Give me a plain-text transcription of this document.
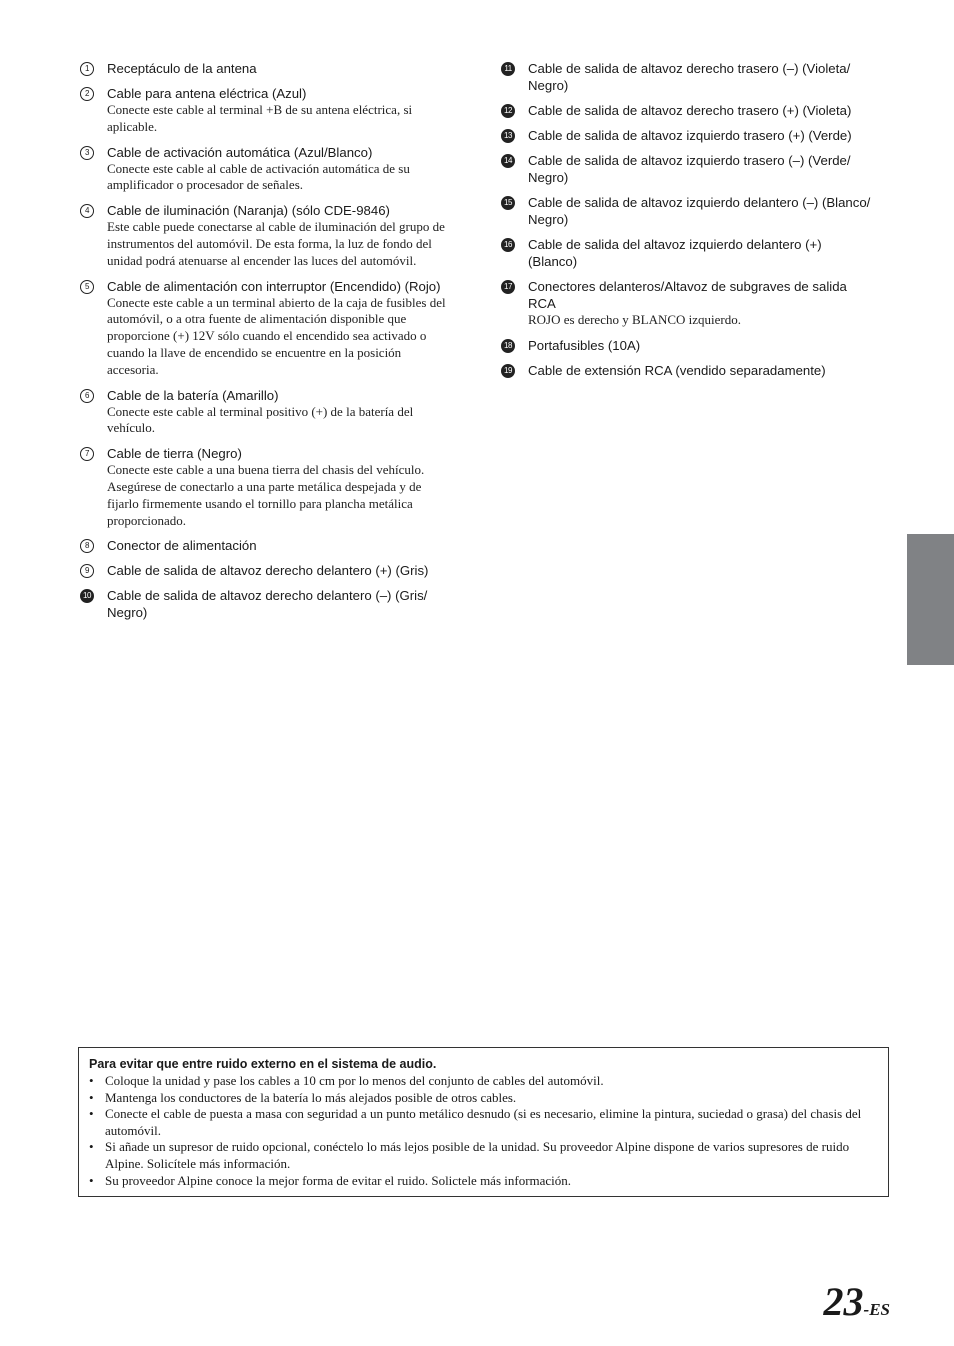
1	Receptáculo de la antena
2	Cable para antena eléctrica (Azul)
Conecte este cable al terminal +B de su antena eléctrica, si
aplicable.
3	Cable de activación automática (Azul/Blanco)
Conecte este cable al cable de activación automática de su
amplificador o procesador de señales.
4	Cable de iluminación (Naranja) (sólo CDE-9846)
Este cable puede conectarse al cable de iluminación del grupo de
instrumentos del automóvil. De esta forma, la luz de fondo del
unidad podrá atenuarse al encender las luces del automóvil.
5	Cable de alimentación con interruptor (Encendido) (Rojo)
Conecte este cable a un terminal abierto de la caja de fusibles del
automóvil, o a otra fuente de alimentación disponible que
proporcione (+) 12V sólo cuando el encendido sea activado o
cuando la llave de encendido se encuentre en la posición
accesoria.
6	Cable de la batería (Amarillo)
Conecte este cable al terminal positivo (+) de la batería del
vehículo.
7	Cable de tierra (Negro)
Conecte este cable a una buena tierra del chasis del vehículo.
Asegúrese de conectarlo a una parte metálica despejada y de
fijarlo firmemente usando el tornillo para plancha metálica
proporcionado.
8	Conector de alimentación
9	Cable de salida de altavoz derecho delantero (+) (Gris)
10 Cable de salida de altavoz derecho delantero (–) (Gris/ Negro)
11 Cable de salida de altavoz derecho trasero (–) (Violeta/ Negro)
12 Cable de salida de altavoz derecho trasero (+) (Violeta)
13 Cable de salida de altavoz izquierdo trasero (+) (Verde)
14 Cable de salida de altavoz izquierdo trasero (–) (Verde/ Negro)
15 Cable de salida de altavoz izquierdo delantero (–) (Blanco/ Negro)
16 Cable de salida del altavoz izquierdo delantero (+) (Blanco)
17 Conectores delanteros/Altavoz de subgraves de salida RCA
ROJO es derecho y BLANCO izquierdo.
18 Portafusibles (10A)
19 Cable de extensión RCA (vendido separadamente)
Para evitar que entre ruido externo en el sistema de audio.
• Coloque la unidad y pase los cables a 10 cm por lo menos del conjunto de cables del automóvil.
• Mantenga los conductores de la batería lo más alejados posible de otros cables.
• Conecte el cable de puesta a masa con seguridad a un punto metálico desnudo (si es necesario, elimine la pintura, suciedad o grasa) del chasis del automóvil.
• Si añade un supresor de ruido opcional, conéctelo lo más lejos posible de la unidad. Su proveedor Alpine dispone de varios supresores de ruido Alpine. Solicítele más información.
• Su proveedor Alpine conoce la mejor forma de evitar el ruido. Solictele más información.
23-ES
